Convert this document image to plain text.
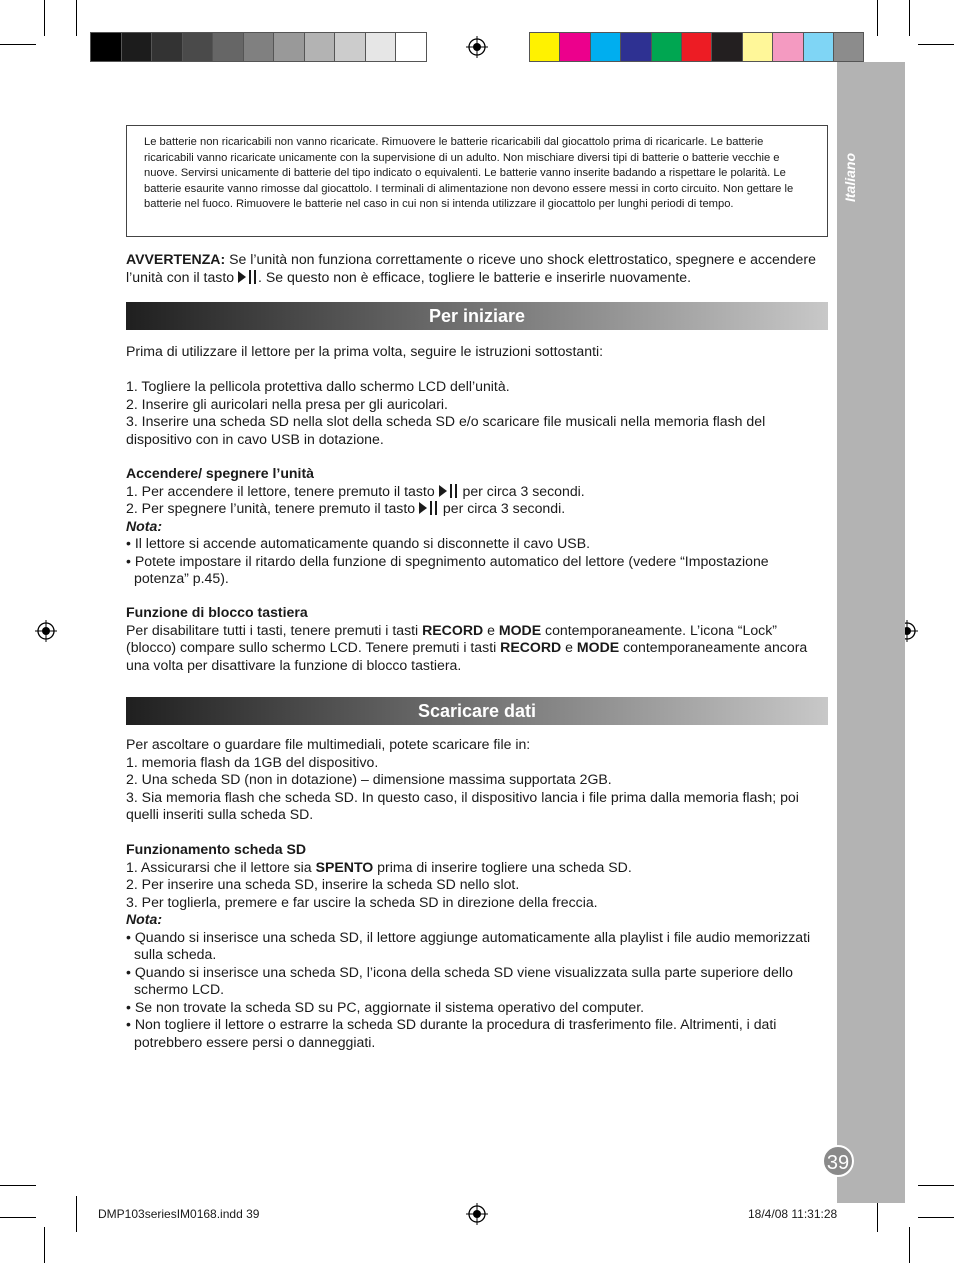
Italiano
39
Le batterie non ricaricabili non vanno ricaricate. Rimuovere le batterie ricaricabili dal giocattolo prima di ricaricarle. Le batterie ricaricabili vanno ricaricate unicamente con la supervisione di un adulto. Non mischiare diversi tipi di batterie o batterie vecchie e nuove. Servirsi unicamente di batterie del tipo indicato o equivalenti. Le batterie vanno inserite badando a rispettare le polarità. Le batterie esaurite vanno rimosse dal giocattolo. I terminali di alimentazione non devono essere messi in corto circuito. Non gettare le batterie nel fuoco. Rimuovere le batterie nel caso in cui non si intenda utilizzare il giocattolo per lunghi periodi di tempo.
AVVERTENZA: Se l’unità non funziona correttamente o riceve uno shock elettrostatico, spegnere e accendere l’unità con il tasto
. Se questo non è efficace, togliere le batterie e inserirle nuovamente.
Per iniziare
Prima di utilizzare il lettore per la prima volta, seguire le istruzioni sottostanti:
1. Togliere la pellicola protettiva dallo schermo LCD dell’unità.
2. Inserire gli auricolari nella presa per gli auricolari.
3. Inserire una scheda SD nella slot della scheda SD e/o scaricare file musicali nella memoria flash del dispositivo con in cavo USB in dotazione.
Accendere/ spegnere l’unità
1. Per accendere il lettore, tenere premuto il tasto
per circa 3 secondi.
2. Per spegnere l’unità, tenere premuto il tasto
per circa 3 secondi.
Nota:
• Il lettore si accende automaticamente quando si disconnette il cavo USB.
• Potete impostare il ritardo della funzione di spegnimento automatico del lettore (vedere “Impostazione potenza” p.45).
Funzione di blocco tastiera
Per disabilitare tutti i tasti, tenere premuti i tasti RECORD e MODE contemporaneamente. L’icona “Lock” (blocco) compare sullo schermo LCD. Tenere premuti i tasti RECORD e MODE contemporaneamente ancora una volta per disattivare la funzione di blocco tastiera.
Scaricare dati
Per ascoltare o guardare file multimediali, potete scaricare file in:
1. memoria flash da 1GB del dispositivo.
2. Una scheda SD (non in dotazione) – dimensione massima supportata 2GB.
3. Sia memoria flash che scheda SD. In questo caso, il dispositivo lancia i file prima dalla memoria flash; poi quelli inseriti sulla scheda SD.
Funzionamento scheda SD
1. Assicurarsi che il lettore sia SPENTO prima di inserire togliere una scheda SD.
2. Per inserire una scheda SD, inserire la scheda SD nello slot.
3. Per toglierla, premere e far uscire la scheda SD in direzione della freccia.
Nota:
• Quando si inserisce una scheda SD, il lettore aggiunge automaticamente alla playlist i file audio memorizzati sulla scheda.
• Quando si inserisce una scheda SD, l’icona della scheda SD viene visualizzata sulla parte superiore dello schermo LCD.
• Se non trovate la scheda SD su PC, aggiornate il sistema operativo del computer.
• Non togliere il lettore o estrarre la scheda SD durante la procedura di trasferimento file. Altrimenti, i dati potrebbero essere persi o danneggiati.
DMP103seriesIM0168.indd 39	18/4/08 11:31:28
